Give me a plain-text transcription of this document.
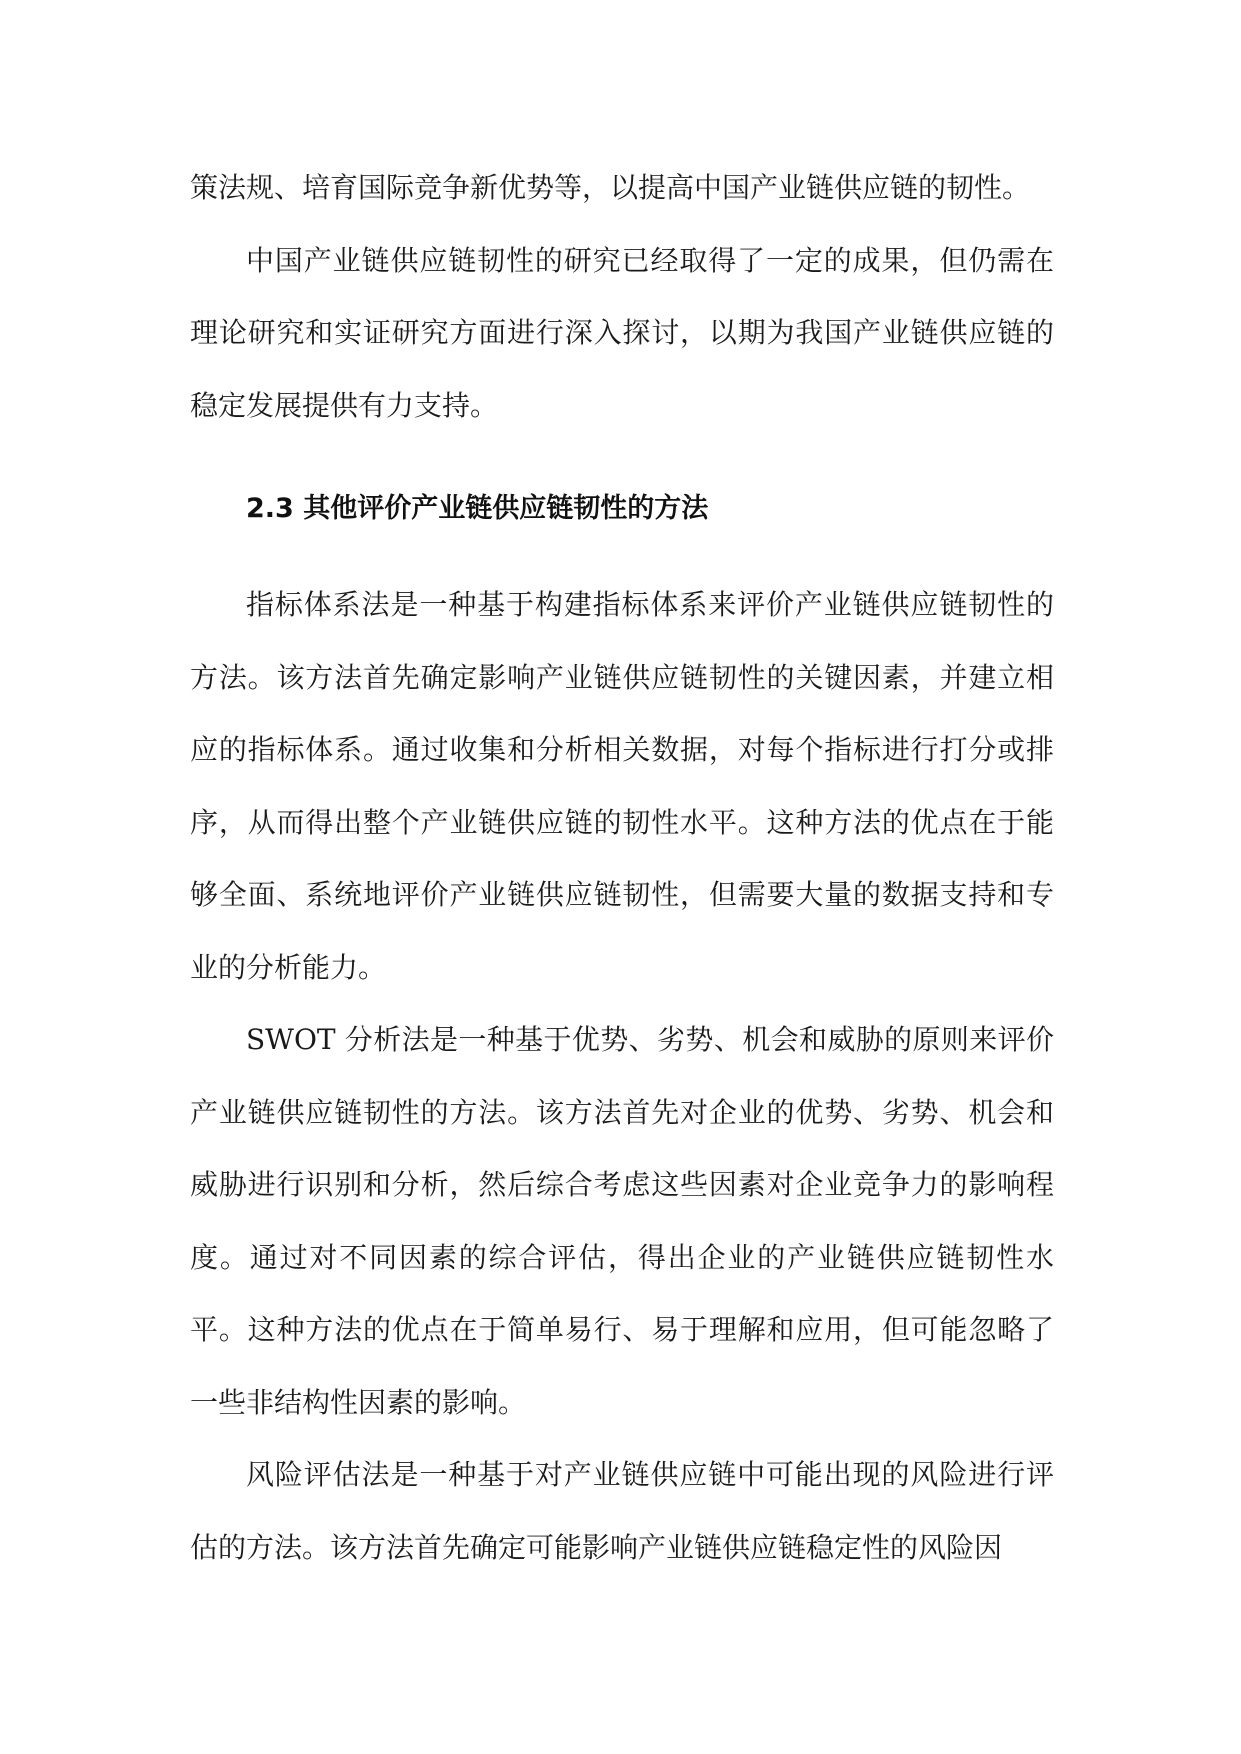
策法规、培育国际竞争新优势等，以提高中国产业链供应链的韧性。

中国产业链供应链韧性的研究已经取得了一定的成果，但仍需在理论研究和实证研究方面进行深入探讨，以期为我国产业链供应链的稳定发展提供有力支持。

2.3 其他评价产业链供应链韧性的方法

指标体系法是一种基于构建指标体系来评价产业链供应链韧性的方法。该方法首先确定影响产业链供应链韧性的关键因素，并建立相应的指标体系。通过收集和分析相关数据，对每个指标进行打分或排序，从而得出整个产业链供应链的韧性水平。这种方法的优点在于能够全面、系统地评价产业链供应链韧性，但需要大量的数据支持和专业的分析能力。

SWOT 分析法是一种基于优势、劣势、机会和威胁的原则来评价产业链供应链韧性的方法。该方法首先对企业的优势、劣势、机会和威胁进行识别和分析，然后综合考虑这些因素对企业竞争力的影响程度。通过对不同因素的综合评估，得出企业的产业链供应链韧性水平。这种方法的优点在于简单易行、易于理解和应用，但可能忽略了一些非结构性因素的影响。

风险评估法是一种基于对产业链供应链中可能出现的风险进行评估的方法。该方法首先确定可能影响产业链供应链稳定性的风险因
